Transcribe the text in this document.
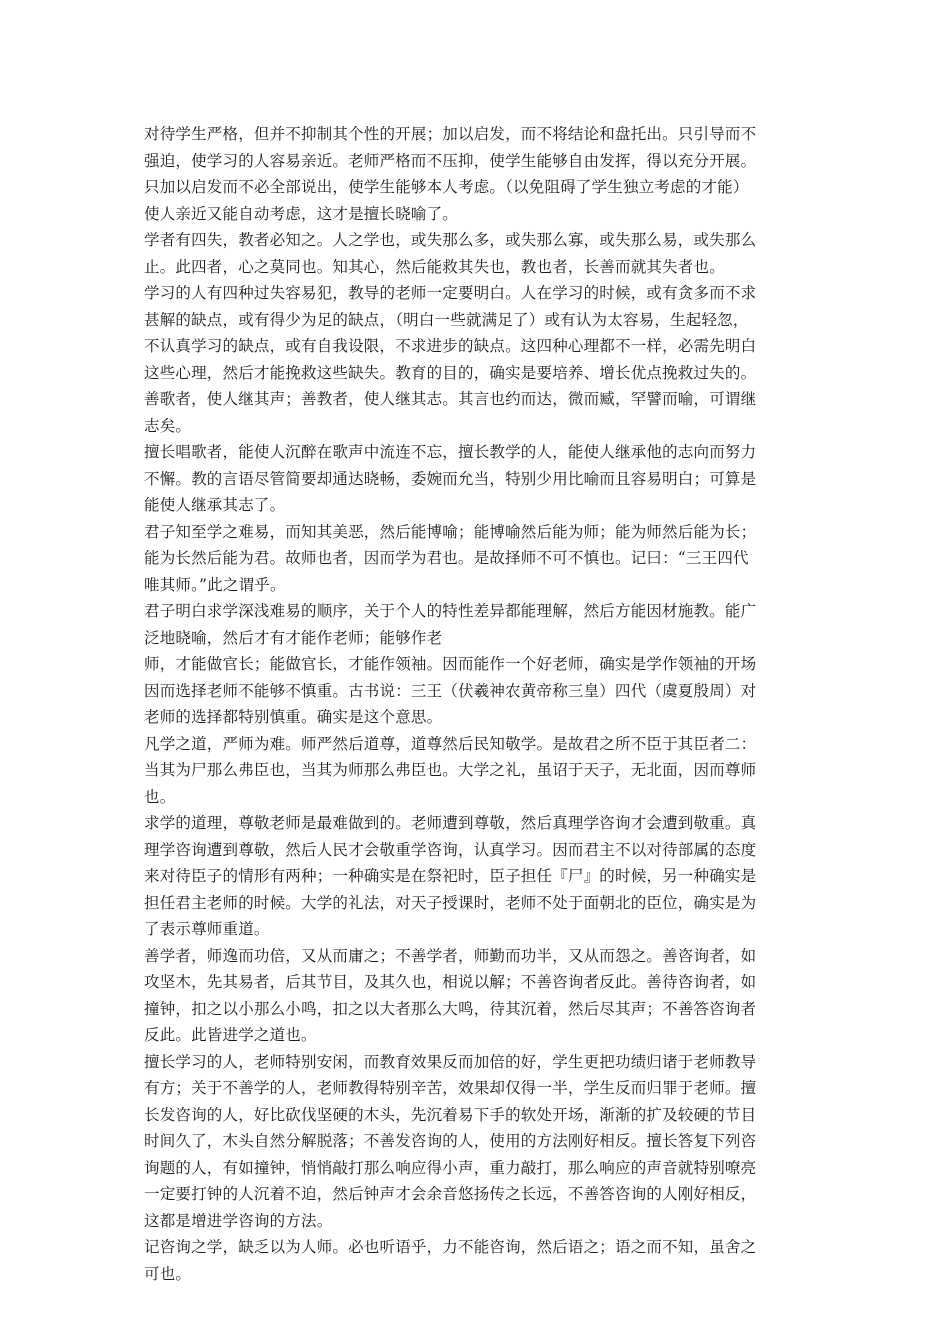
对待学生严格，但并不抑制其个性的开展；加以启发，而不将结论和盘托出。只引导而不
强迫，使学习的人容易亲近。老师严格而不压抑，使学生能够自由发挥，得以充分开展。
只加以启发而不必全部说出，使学生能够本人考虑。（以免阻碍了学生独立考虑的才能）
使人亲近又能自动考虑，这才是擅长晓喻了。
学者有四失，教者必知之。人之学也，或失那么多，或失那么寡，或失那么易，或失那么
止。此四者，心之莫同也。知其心，然后能救其失也，教也者，长善而就其失者也。
学习的人有四种过失容易犯，教导的老师一定要明白。人在学习的时候，或有贪多而不求
甚解的缺点，或有得少为足的缺点，（明白一些就满足了）或有认为太容易，生起轻忽，
不认真学习的缺点，或有自我设限，不求进步的缺点。这四种心理都不一样，必需先明白
这些心理，然后才能挽救这些缺失。教育的目的，确实是要培养、增长优点挽救过失的。
善歌者，使人继其声；善教者，使人继其志。其言也约而达，微而臧，罕譬而喻，可谓继
志矣。
擅长唱歌者，能使人沉醉在歌声中流连不忘，擅长教学的人，能使人继承他的志向而努力
不懈。教的言语尽管简要却通达晓畅，委婉而允当，特别少用比喻而且容易明白；可算是
能使人继承其志了。
君子知至学之难易，而知其美恶，然后能博喻；能博喻然后能为师；能为师然后能为长；
能为长然后能为君。故师也者，因而学为君也。是故择师不可不慎也。记曰：“三王四代
唯其师。”此之谓乎。
君子明白求学深浅难易的顺序，关于个人的特性差异都能理解，然后方能因材施教。能广
泛地晓喻，然后才有才能作老师；能够作老
师，才能做官长；能做官长，才能作领袖。因而能作一个好老师，确实是学作领袖的开场
因而选择老师不能够不慎重。古书说：三王（伏羲神农黄帝称三皇）四代（虞夏殷周）对
老师的选择都特别慎重。确实是这个意思。
凡学之道，严师为难。师严然后道尊，道尊然后民知敬学。是故君之所不臣于其臣者二：
当其为尸那么弗臣也，当其为师那么弗臣也。大学之礼，虽诏于天子，无北面，因而尊师
也。
求学的道理，尊敬老师是最难做到的。老师遭到尊敬，然后真理学咨询才会遭到敬重。真
理学咨询遭到尊敬，然后人民才会敬重学咨询，认真学习。因而君主不以对待部属的态度
来对待臣子的情形有两种；一种确实是在祭祀时，臣子担任『尸』的时候，另一种确实是
担任君主老师的时候。大学的礼法，对天子授课时，老师不处于面朝北的臣位，确实是为
了表示尊师重道。
善学者，师逸而功倍，又从而庸之；不善学者，师勤而功半，又从而怨之。善咨询者，如
攻坚木，先其易者，后其节目，及其久也，相说以解；不善咨询者反此。善待咨询者，如
撞钟，扣之以小那么小鸣，扣之以大者那么大鸣，待其沉着，然后尽其声；不善答咨询者
反此。此皆进学之道也。
擅长学习的人，老师特别安闲，而教育效果反而加倍的好，学生更把功绩归诸于老师教导
有方；关于不善学的人，老师教得特别辛苦，效果却仅得一半，学生反而归罪于老师。擅
长发咨询的人，好比砍伐坚硬的木头，先沉着易下手的软处开场，渐渐的扩及较硬的节目
时间久了，木头自然分解脱落；不善发咨询的人，使用的方法刚好相反。擅长答复下列咨
询题的人，有如撞钟，悄悄敲打那么响应得小声，重力敲打，那么响应的声音就特别嘹亮
一定要打钟的人沉着不迫，然后钟声才会余音悠扬传之长远，不善答咨询的人刚好相反，
这都是增进学咨询的方法。
记咨询之学，缺乏以为人师。必也听语乎，力不能咨询，然后语之；语之而不知，虽舍之
可也。
